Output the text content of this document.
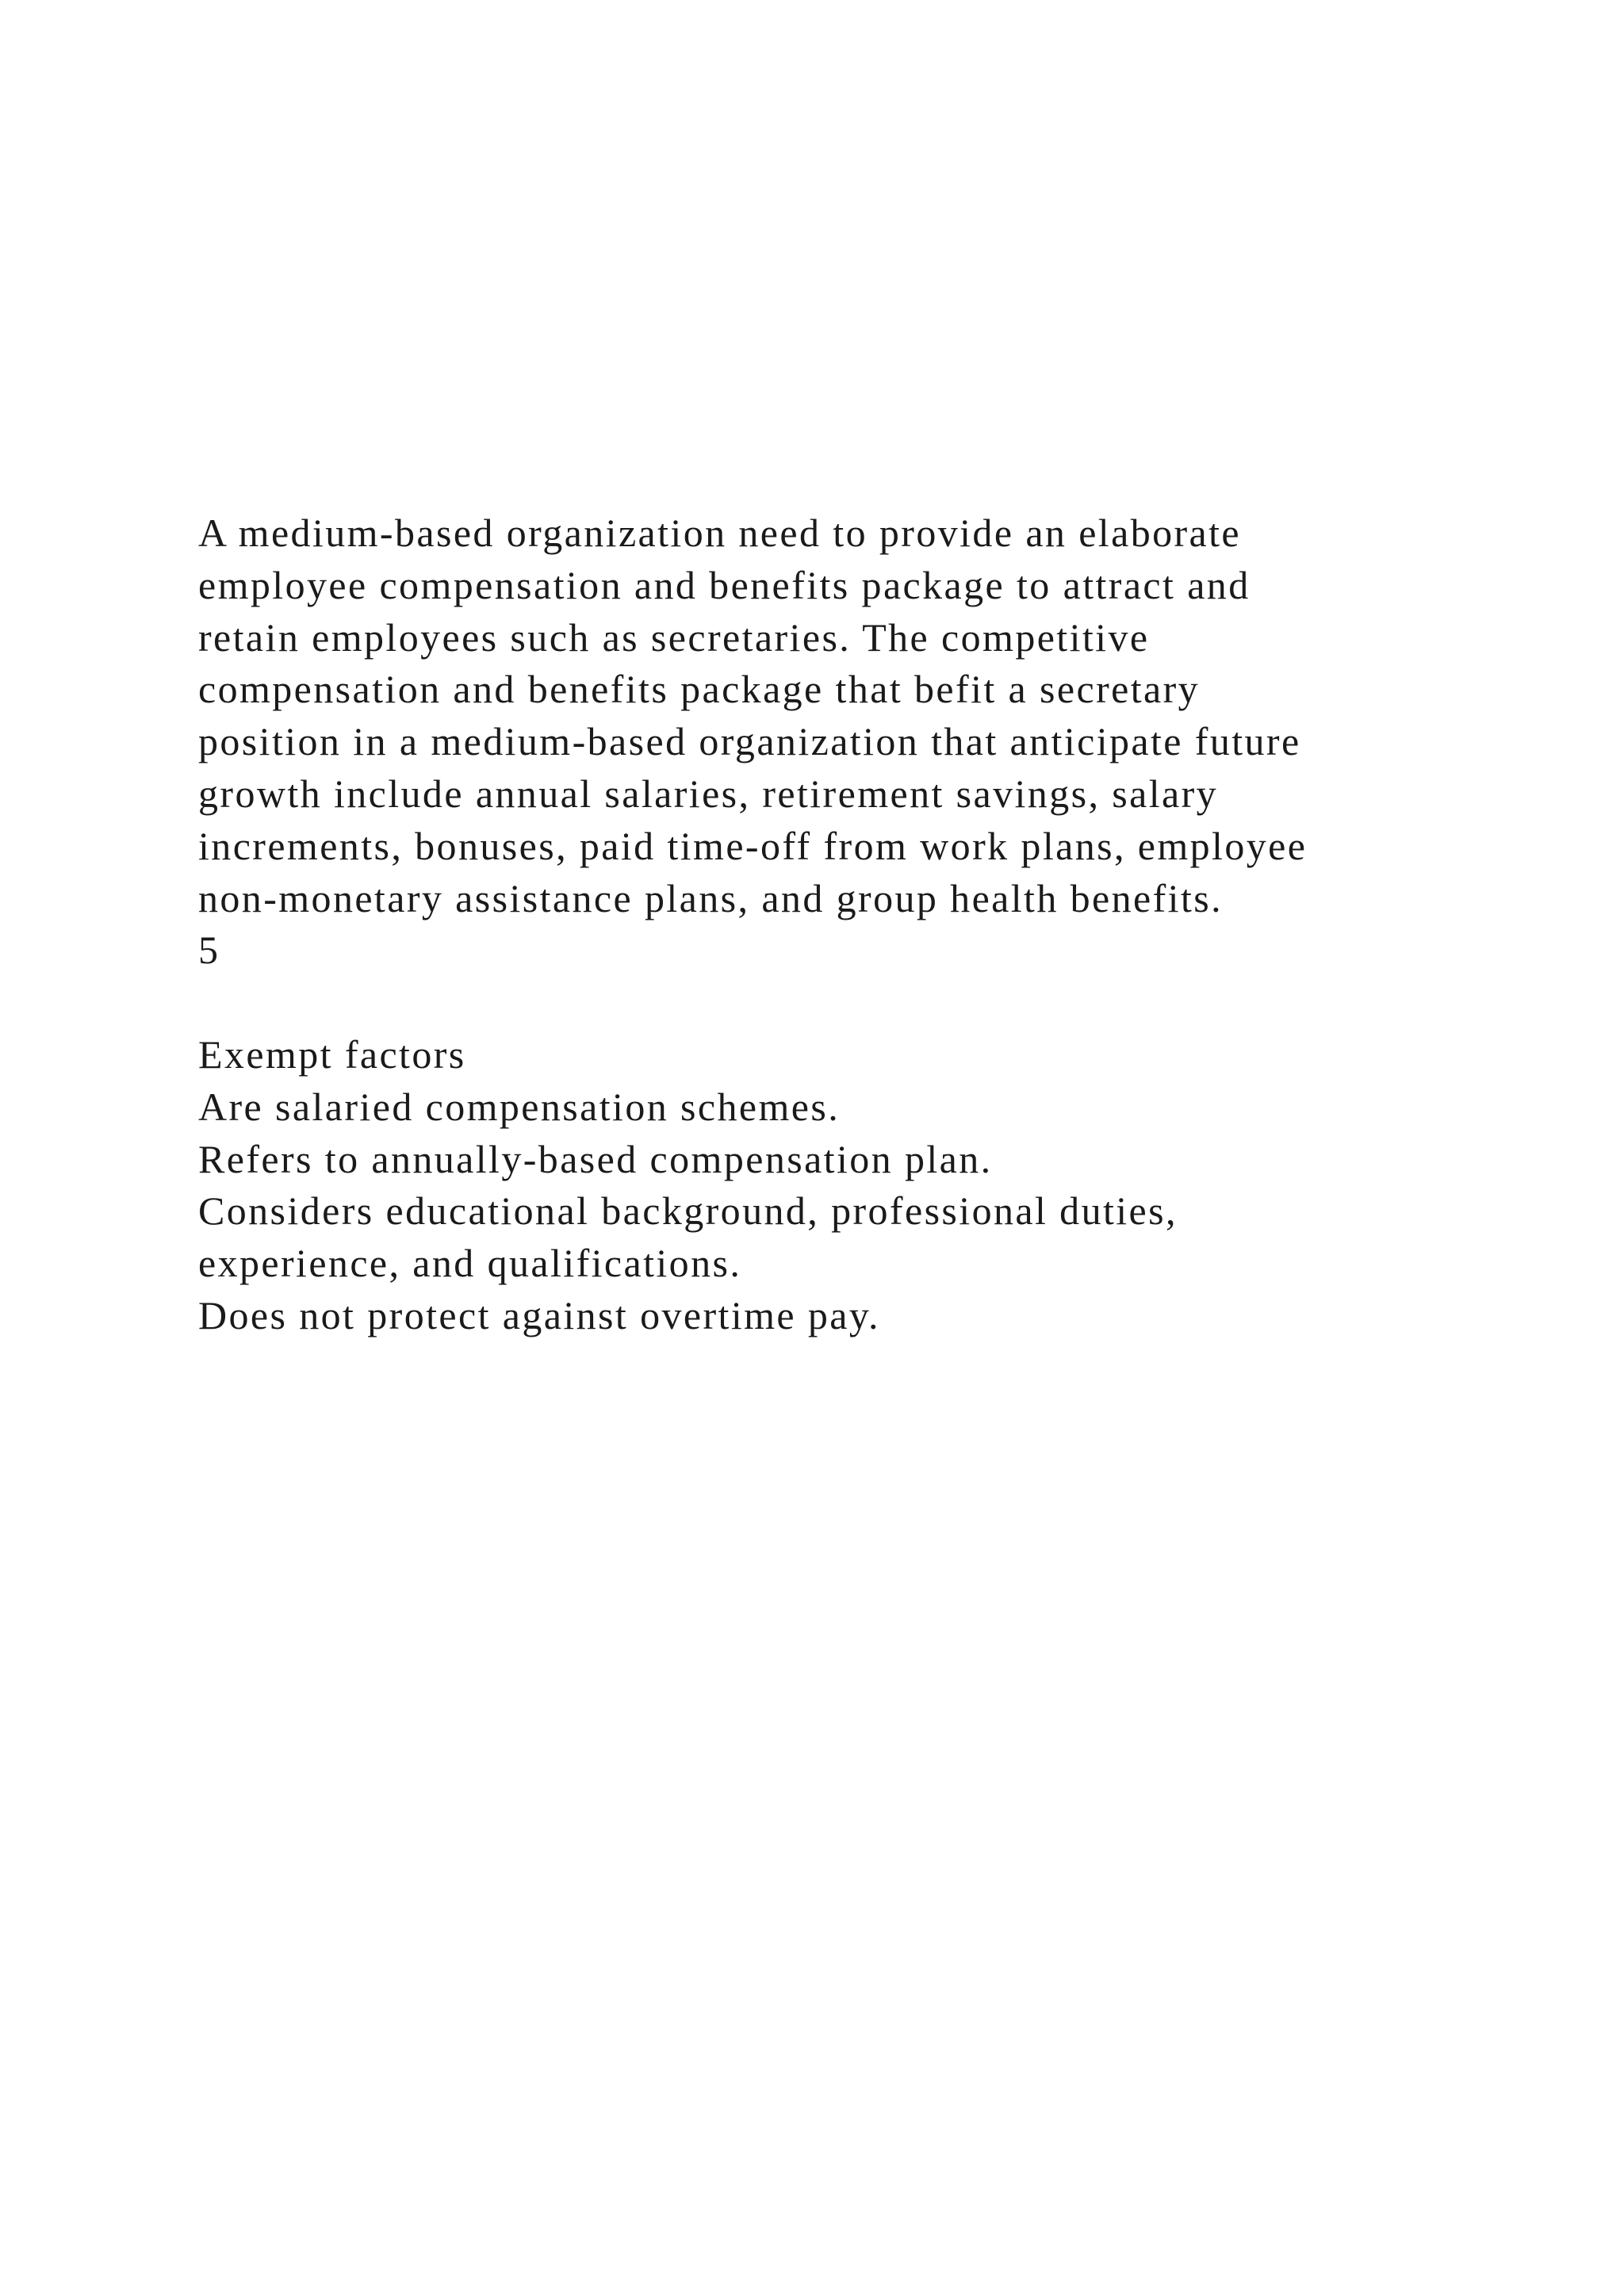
A medium-based organization need to provide an elaborate
employee compensation and benefits package to attract and
retain employees such as secretaries. The competitive
compensation and benefits package that befit a secretary
position in a medium-based organization that anticipate future
growth include annual salaries, retirement savings, salary
increments, bonuses, paid time-off from work plans, employee
non-monetary assistance plans, and group health benefits.
5
Exempt factors
Are salaried compensation schemes.
Refers to annually-based compensation plan.
Considers educational background, professional duties,
experience, and qualifications.
Does not protect against overtime pay.
